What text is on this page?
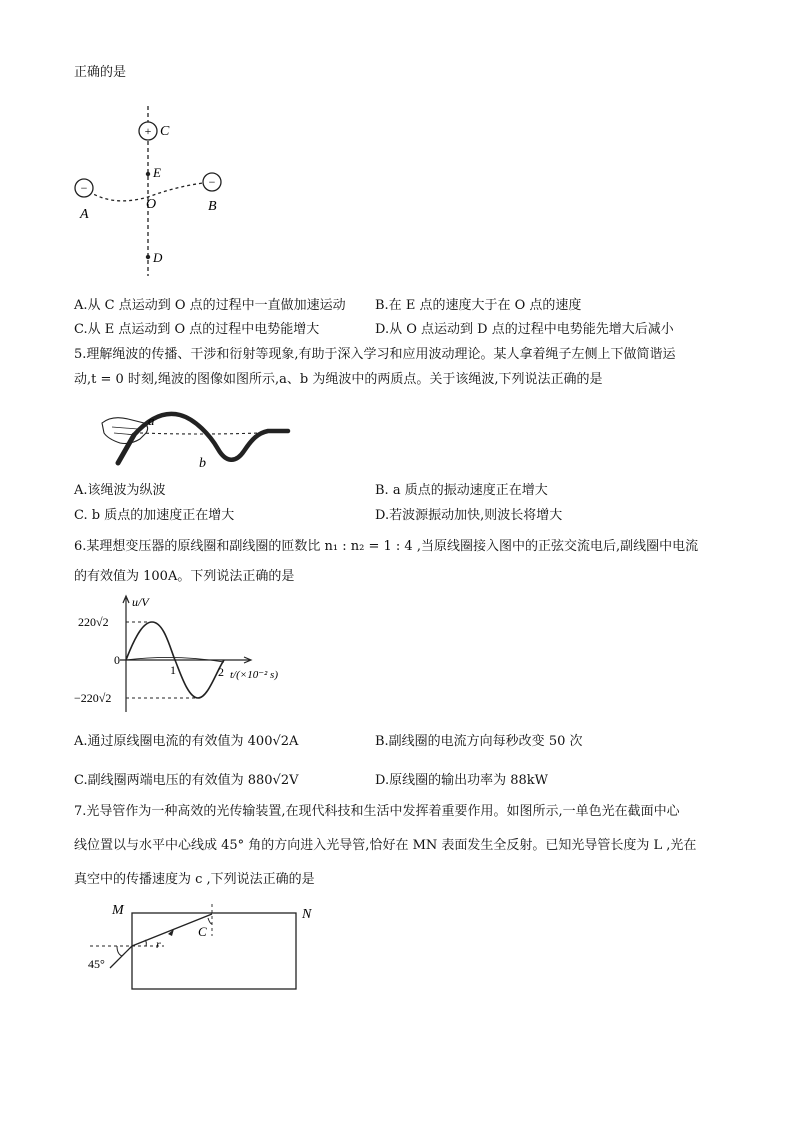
正确的是
+ C
−
A
−
B
E
O
D
A.从 C 点运动到 O 点的过程中一直做加速运动 B.在 E 点的速度大于在 O 点的速度
C.从 E 点运动到 O 点的过程中电势能增大	D.从 O 点运动到 D 点的过程中电势能先增大后减小
5.理解绳波的传播、干涉和衍射等现象,有助于深入学习和应用波动理论。某人拿着绳子左侧上下做简谐运
动,t = 0 时刻,绳波的图像如图所示,a、b 为绳波中的两质点。关于该绳波,下列说法正确的是
a
b
A.该绳波为纵波	B. a 质点的振动速度正在增大
C. b 质点的加速度正在增大	D.若波源振动加快,则波长将增大
6.某理想变压器的原线圈和副线圈的匝数比 n₁ : n₂ = 1 : 4 ,当原线圈接入图中的正弦交流电后,副线圈中电流
的有效值为 100A。下列说法正确的是
u/V
220√2
0
−220√2
1	2 t/(×10⁻² s)
A.通过原线圈电流的有效值为 400√2A	B.副线圈的电流方向每秒改变 50 次
C.副线圈两端电压的有效值为 880√2V	D.原线圈的输出功率为 88kW
7.光导管作为一种高效的光传输装置,在现代科技和生活中发挥着重要作用。如图所示,一单色光在截面中心
线位置以与水平中心线成 45° 角的方向进入光导管,恰好在 MN 表面发生全反射。已知光导管长度为 L ,光在
真空中的传播速度为 c ,下列说法正确的是
M	N
C
r
45°
